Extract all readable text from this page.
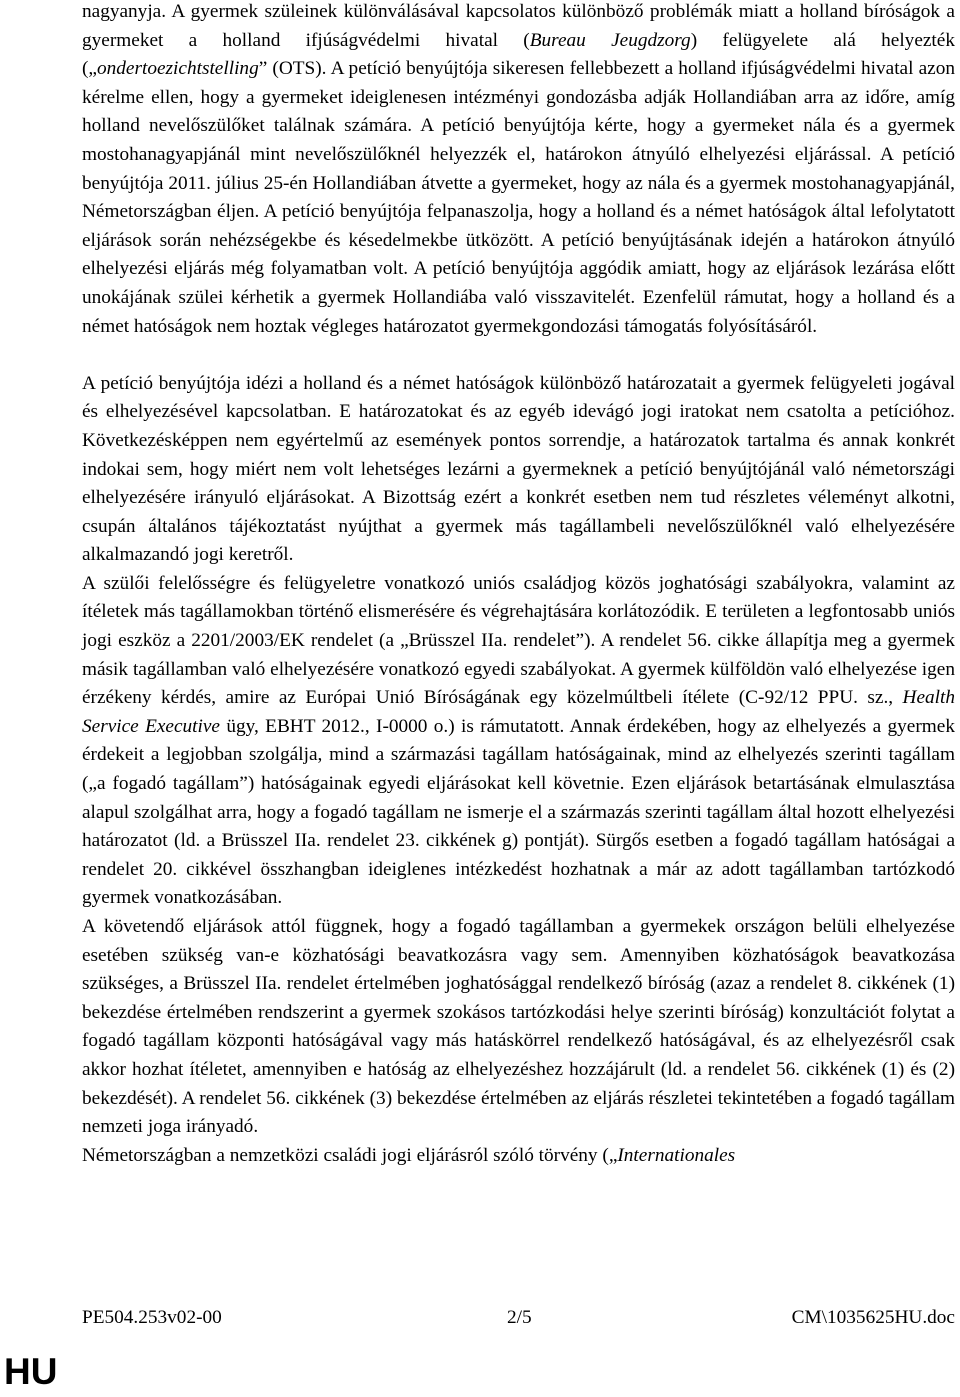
nagyanyja. A gyermek szüleinek különválásával kapcsolatos különböző problémák miatt a holland bíróságok a gyermeket a holland ifjúságvédelmi hivatal (Bureau Jeugdzorg) felügyelete alá helyezték („ondertoezichtstelling” (OTS). A petíció benyújtója sikeresen fellebbezett a holland ifjúságvédelmi hivatal azon kérelme ellen, hogy a gyermeket ideiglenesen intézményi gondozásba adják Hollandiában arra az időre, amíg holland nevelőszülőket találnak számára. A petíció benyújtója kérte, hogy a gyermeket nála és a gyermek mostohanagyapjánál mint nevelőszülőknél helyezzék el, határokon átnyúló elhelyezési eljárással. A petíció benyújtója 2011. július 25-én Hollandiában átvette a gyermeket, hogy az nála és a gyermek mostohanagyapjánál, Németországban éljen. A petíció benyújtója felpanaszolja, hogy a holland és a német hatóságok által lefolytatott eljárások során nehézségekbe és késedelmekbe ütközött. A petíció benyújtásának idején a határokon átnyúló elhelyezési eljárás még folyamatban volt. A petíció benyújtója aggódik amiatt, hogy az eljárások lezárása előtt unokájának szülei kérhetik a gyermek Hollandiába való visszavitelét. Ezenfelül rámutat, hogy a holland és a német hatóságok nem hoztak végleges határozatot gyermekgondozási támogatás folyósításáról.

A petíció benyújtója idézi a holland és a német hatóságok különböző határozatait a gyermek felügyeleti jogával és elhelyezésével kapcsolatban. E határozatokat és az egyéb idevágó jogi iratokat nem csatolta a petícióhoz. Következésképpen nem egyértelmű az események pontos sorrendje, a határozatok tartalma és annak konkrét indokai sem, hogy miért nem volt lehetséges lezárni a gyermeknek a petíció benyújtójánál való németországi elhelyezésére irányuló eljárásokat. A Bizottság ezért a konkrét esetben nem tud részletes véleményt alkotni, csupán általános tájékoztatást nyújthat a gyermek más tagállambeli nevelőszülőknél való elhelyezésére alkalmazandó jogi keretről.

A szülői felelősségre és felügyeletre vonatkozó uniós családjog közös joghatósági szabályokra, valamint az ítéletek más tagállamokban történő elismerésére és végrehajtására korlátozódik. E területen a legfontosabb uniós jogi eszköz a 2201/2003/EK rendelet (a „Brüsszel IIa. rendelet”). A rendelet 56. cikke állapítja meg a gyermek másik tagállamban való elhelyezésére vonatkozó egyedi szabályokat. A gyermek külföldön való elhelyezése igen érzékeny kérdés, amire az Európai Unió Bíróságának egy közelmúltbeli ítélete (C-92/12 PPU. sz., Health Service Executive ügy, EBHT 2012., I-0000 o.) is rámutatott. Annak érdekében, hogy az elhelyezés a gyermek érdekeit a legjobban szolgálja, mind a származási tagállam hatóságainak, mind az elhelyezés szerinti tagállam („a fogadó tagállam”) hatóságainak egyedi eljárásokat kell követnie. Ezen eljárások betartásának elmulasztása alapul szolgálhat arra, hogy a fogadó tagállam ne ismerje el a származás szerinti tagállam által hozott elhelyezési határozatot (ld. a Brüsszel IIa. rendelet 23. cikkének g) pontját). Sürgős esetben a fogadó tagállam hatóságai a rendelet 20. cikkével összhangban ideiglenes intézkedést hozhatnak a már az adott tagállamban tartózkodó gyermek vonatkozásában.

A követendő eljárások attól függnek, hogy a fogadó tagállamban a gyermekek országon belüli elhelyezése esetében szükség van-e közhatósági beavatkozásra vagy sem. Amennyiben közhatóságok beavatkozása szükséges, a Brüsszel IIa. rendelet értelmében joghatósággal rendelkező bíróság (azaz a rendelet 8. cikkének (1) bekezdése értelmében rendszerint a gyermek szokásos tartózkodási helye szerinti bíróság) konzultációt folytat a fogadó tagállam központi hatóságával vagy más hatáskörrel rendelkező hatóságával, és az elhelyezésről csak akkor hozhat ítéletet, amennyiben e hatóság az elhelyezéshez hozzájárult (ld. a rendelet 56. cikkének (1) és (2) bekezdését). A rendelet 56. cikkének (3) bekezdése értelmében az eljárás részletei tekintetében a fogadó tagállam nemzeti joga irányadó.

Németországban a nemzetközi családi jogi eljárásról szóló törvény („Internationales

PE504.253v02-00	2/5	CM\1035625HU.doc
HU
